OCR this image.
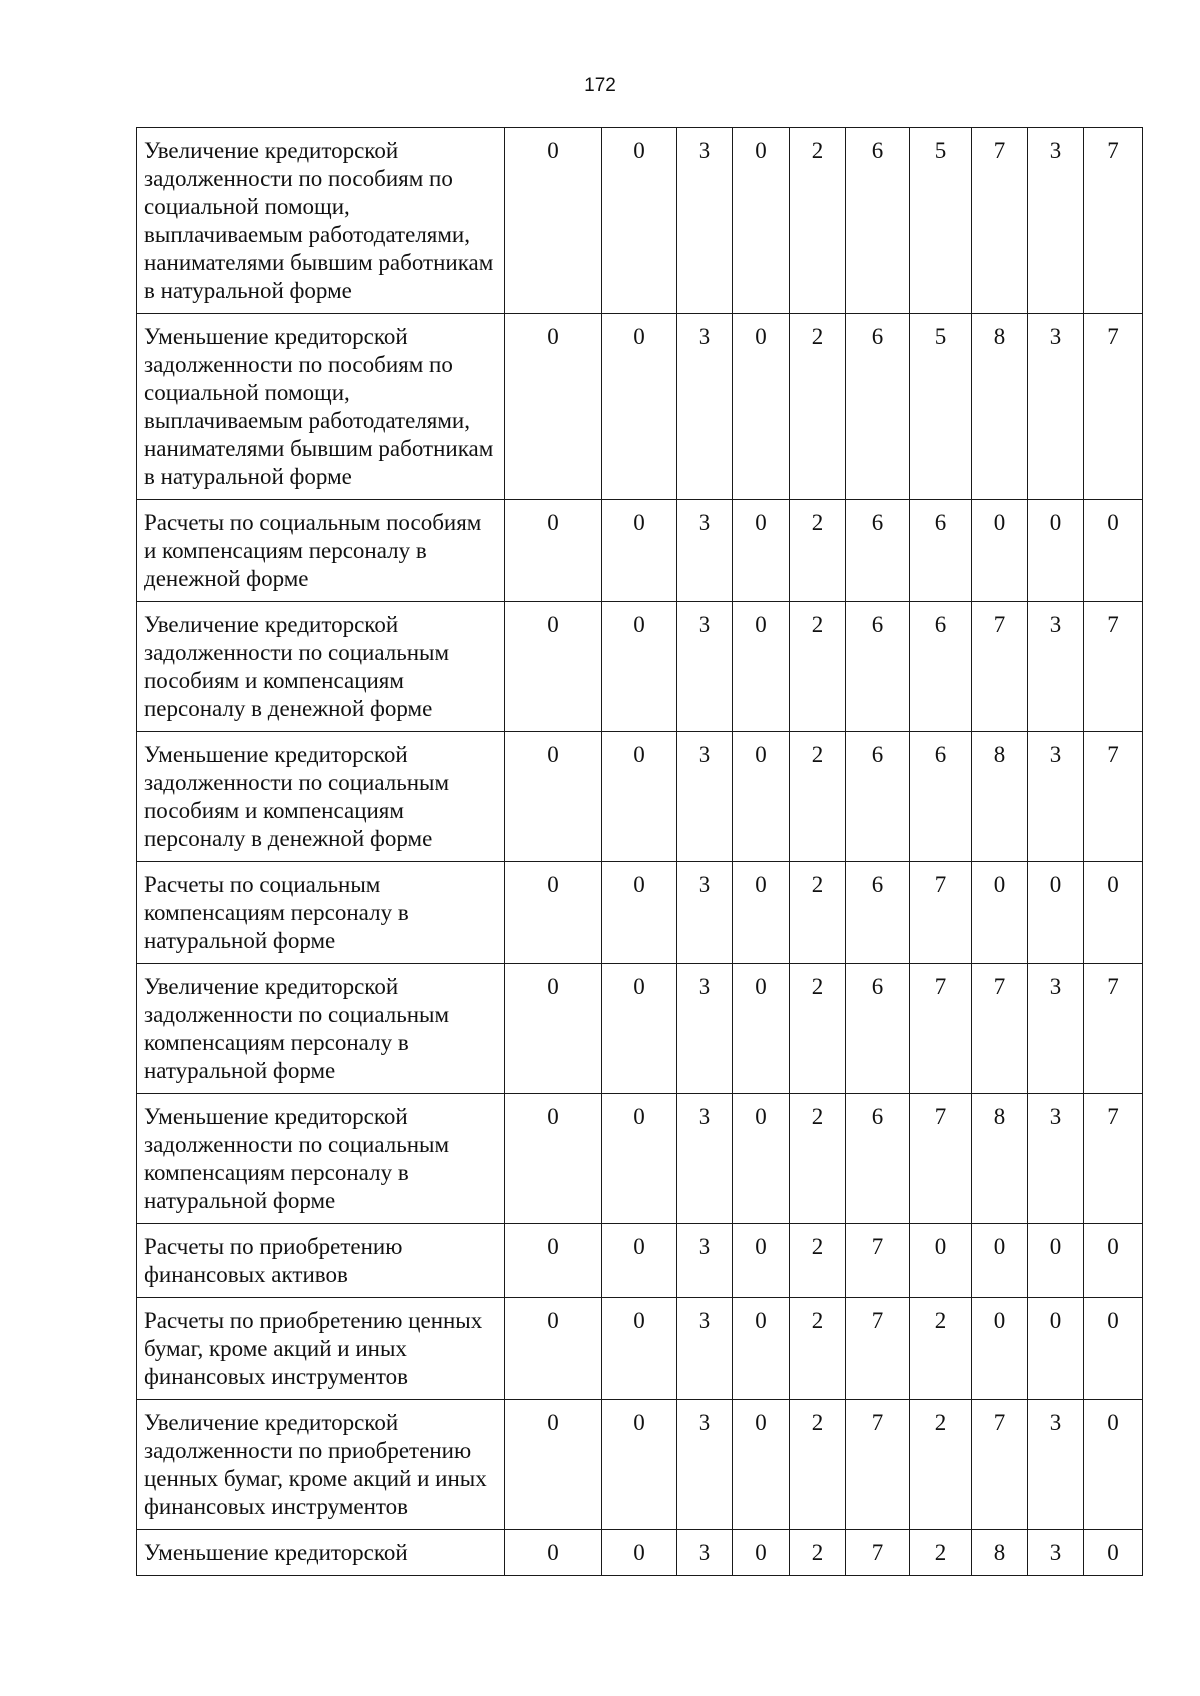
172
Увеличение кредиторской задолженности по пособиям по социальной помощи, выплачиваемым работодателями, нанимателями бывшим работникам в натуральной форме	0	0	3	0	2	6	5	7	3	7
Уменьшение кредиторской задолженности по пособиям по социальной помощи, выплачиваемым работодателями, нанимателями бывшим работникам в натуральной форме	0	0	3	0	2	6	5	8	3	7
Расчеты по социальным пособиям и компенсациям персоналу в денежной форме	0	0	3	0	2	6	6	0	0	0
Увеличение кредиторской задолженности по социальным пособиям и компенсациям персоналу в денежной форме	0	0	3	0	2	6	6	7	3	7
Уменьшение кредиторской задолженности по социальным пособиям и компенсациям персоналу в денежной форме	0	0	3	0	2	6	6	8	3	7
Расчеты по социальным компенсациям персоналу в натуральной форме	0	0	3	0	2	6	7	0	0	0
Увеличение кредиторской задолженности по социальным компенсациям персоналу в натуральной форме	0	0	3	0	2	6	7	7	3	7
Уменьшение кредиторской задолженности по социальным компенсациям персоналу в натуральной форме	0	0	3	0	2	6	7	8	3	7
Расчеты по приобретению финансовых активов	0	0	3	0	2	7	0	0	0	0
Расчеты по приобретению ценных бумаг, кроме акций и иных финансовых инструментов	0	0	3	0	2	7	2	0	0	0
Увеличение кредиторской задолженности по приобретению ценных бумаг, кроме акций и иных финансовых инструментов	0	0	3	0	2	7	2	7	3	0
Уменьшение кредиторской	0	0	3	0	2	7	2	8	3	0
